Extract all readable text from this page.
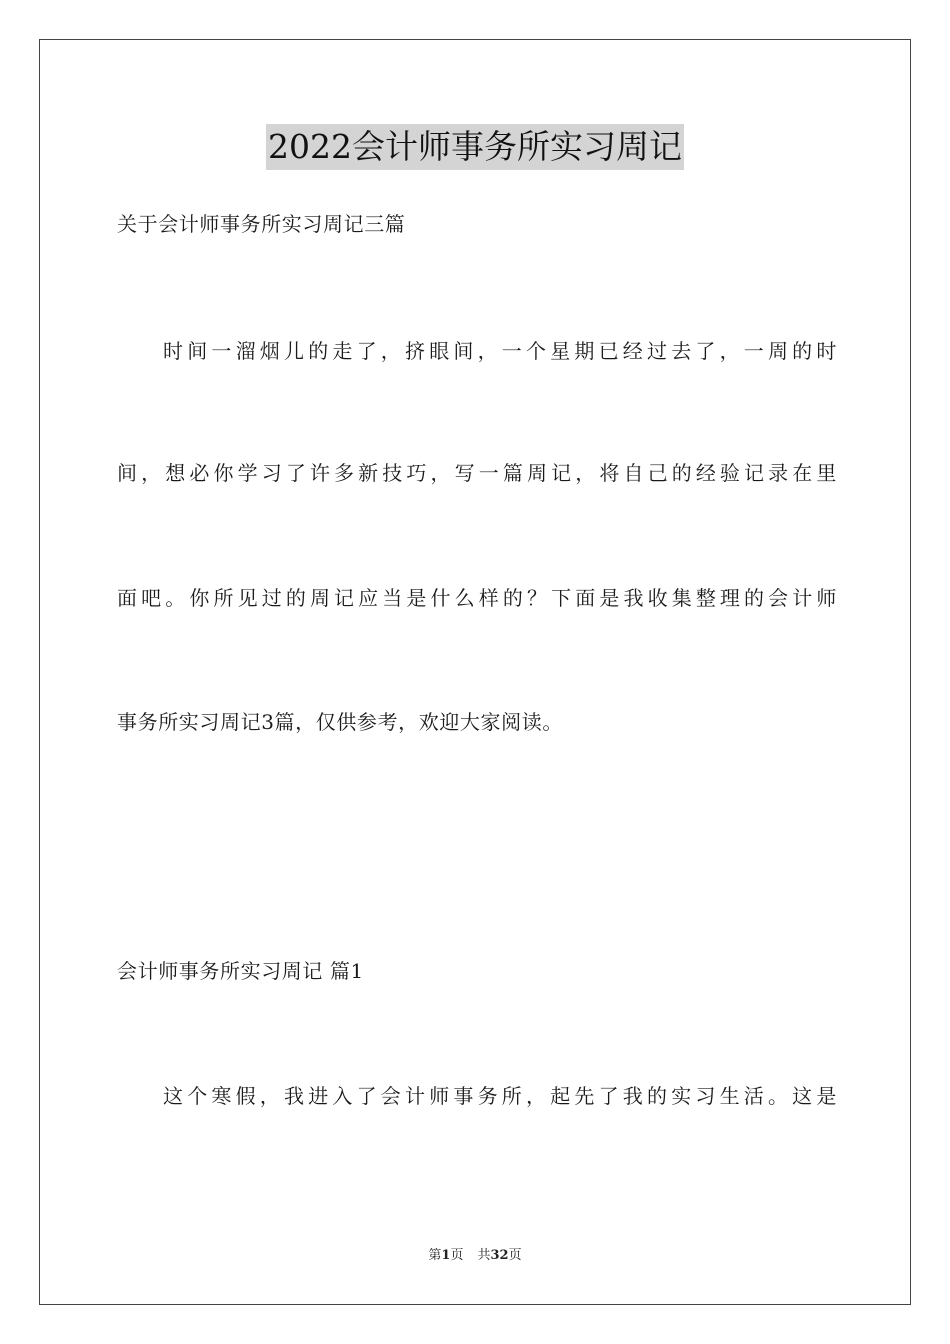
2022会计师事务所实习周记
关于会计师事务所实习周记三篇
时间一溜烟儿的走了，挤眼间，一个星期已经过去了，一周的时
间，想必你学习了许多新技巧，写一篇周记，将自己的经验记录在里
面吧。你所见过的周记应当是什么样的？下面是我收集整理的会计师
事务所实习周记3篇，仅供参考，欢迎大家阅读。
会计师事务所实习周记 篇1
这个寒假，我进入了会计师事务所，起先了我的实习生活。这是
第1页 共32页
